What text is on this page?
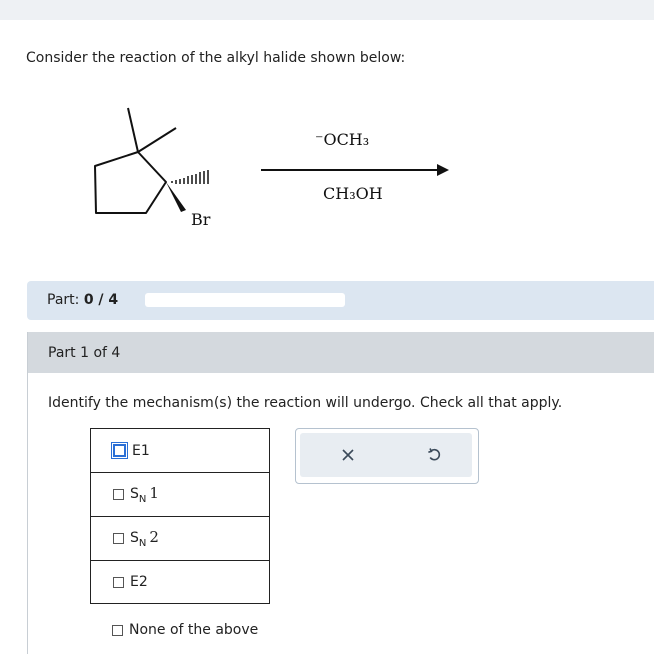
Consider the reaction of the alkyl halide shown below:
Br
⁻OCH₃
CH₃OH
Part: 0 / 4
Part 1 of 4
Identify the mechanism(s) the reaction will undergo. Check all that apply.
E1
$S_N$ 1
$S_N$ 2
E2
None of the above
